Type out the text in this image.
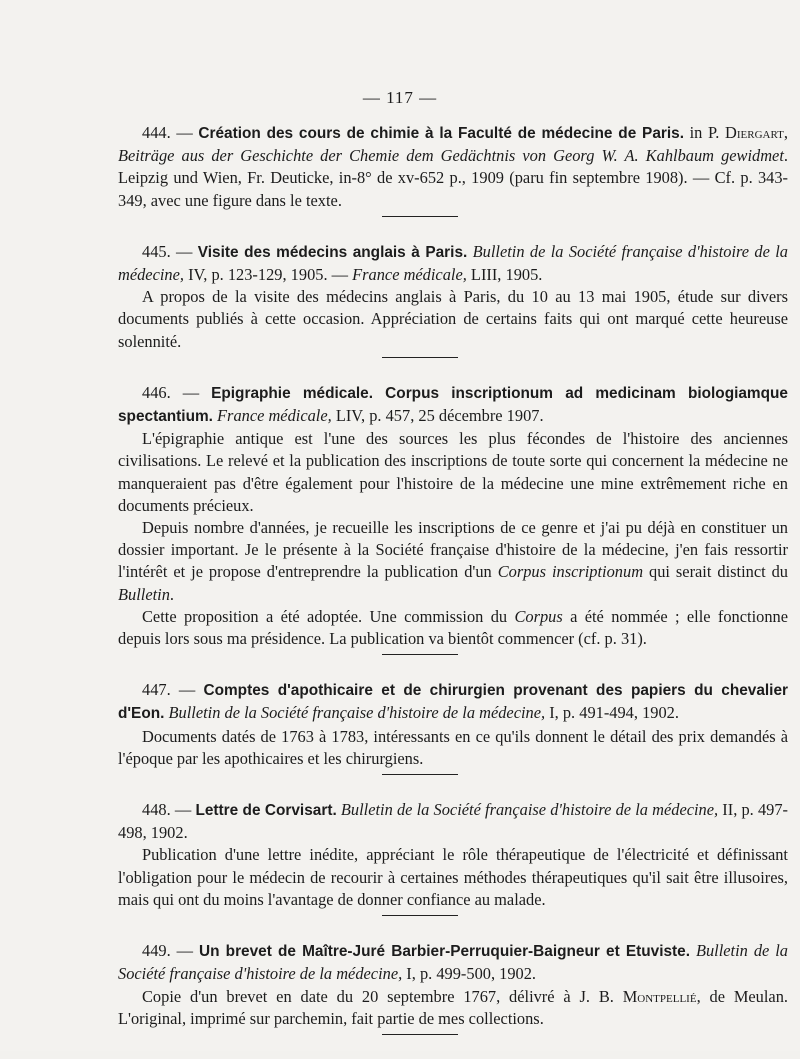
— 117 —

444. — Création des cours de chimie à la Faculté de médecine de Paris. in P. Diergart, Beiträge aus der Geschichte der Chemie dem Gedächtnis von Georg W. A. Kahlbaum gewidmet. Leipzig und Wien, Fr. Deuticke, in-8° de xv-652 p., 1909 (paru fin septembre 1908). — Cf. p. 343-349, avec une figure dans le texte.

445. — Visite des médecins anglais à Paris. Bulletin de la Société française d'histoire de la médecine, IV, p. 123-129, 1905. — France médicale, LIII, 1905.

A propos de la visite des médecins anglais à Paris, du 10 au 13 mai 1905, étude sur divers documents publiés à cette occasion. Appréciation de certains faits qui ont marqué cette heureuse solennité.

446. — Epigraphie médicale. Corpus inscriptionum ad medicinam biologiamque spectantium. France médicale, LIV, p. 457, 25 décembre 1907.

L'épigraphie antique est l'une des sources les plus fécondes de l'histoire des anciennes civilisations. Le relevé et la publication des inscriptions de toute sorte qui concernent la médecine ne manqueraient pas d'être également pour l'histoire de la médecine une mine extrêmement riche en documents précieux.

Depuis nombre d'années, je recueille les inscriptions de ce genre et j'ai pu déjà en constituer un dossier important. Je le présente à la Société française d'histoire de la médecine, j'en fais ressortir l'intérêt et je propose d'entreprendre la publication d'un Corpus inscriptionum qui serait distinct du Bulletin.

Cette proposition a été adoptée. Une commission du Corpus a été nommée ; elle fonctionne depuis lors sous ma présidence. La publication va bientôt commencer (cf. p. 31).

447. — Comptes d'apothicaire et de chirurgien provenant des papiers du chevalier d'Eon. Bulletin de la Société française d'histoire de la médecine, I, p. 491-494, 1902.

Documents datés de 1763 à 1783, intéressants en ce qu'ils donnent le détail des prix demandés à l'époque par les apothicaires et les chirurgiens.

448. — Lettre de Corvisart. Bulletin de la Société française d'histoire de la médecine, II, p. 497-498, 1902.

Publication d'une lettre inédite, appréciant le rôle thérapeutique de l'électricité et définissant l'obligation pour le médecin de recourir à certaines méthodes thérapeutiques qu'il sait être illusoires, mais qui ont du moins l'avantage de donner confiance au malade.

449. — Un brevet de Maître-Juré Barbier-Perruquier-Baigneur et Etuviste. Bulletin de la Société française d'histoire de la médecine, I, p. 499-500, 1902.

Copie d'un brevet en date du 20 septembre 1767, délivré à J. B. Montpellié, de Meulan. L'original, imprimé sur parchemin, fait partie de mes collections.
